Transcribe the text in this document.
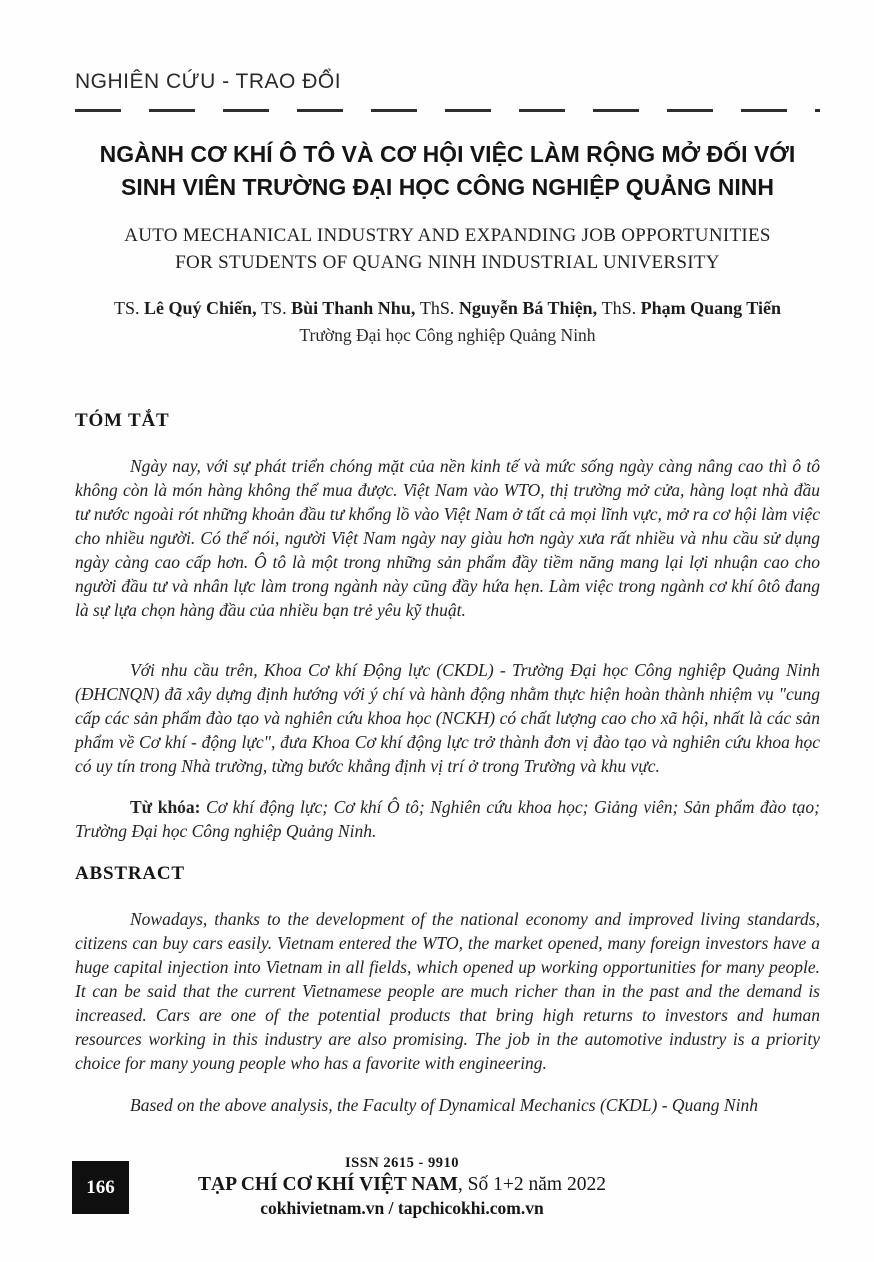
NGHIÊN CỨU - TRAO ĐỔI
NGÀNH CƠ KHÍ Ô TÔ VÀ CƠ HỘI VIỆC LÀM RỘNG MỞ ĐỐI VỚI
SINH VIÊN TRƯỜNG ĐẠI HỌC CÔNG NGHIỆP QUẢNG NINH
AUTO MECHANICAL INDUSTRY AND EXPANDING JOB OPPORTUNITIES
FOR STUDENTS OF QUANG NINH INDUSTRIAL UNIVERSITY
TS. Lê Quý Chiến, TS. Bùi Thanh Nhu, ThS. Nguyễn Bá Thiện, ThS. Phạm Quang Tiến
Trường Đại học Công nghiệp Quảng Ninh
TÓM TẮT

Ngày nay, với sự phát triển chóng mặt của nền kinh tế và mức sống ngày càng nâng cao thì ô tô không còn là món hàng không thể mua được. Việt Nam vào WTO, thị trường mở cửa, hàng loạt nhà đầu tư nước ngoài rót những khoản đầu tư khổng lồ vào Việt Nam ở tất cả mọi lĩnh vực, mở ra cơ hội làm việc cho nhiều người. Có thể nói, người Việt Nam ngày nay giàu hơn ngày xưa rất nhiều và nhu cầu sử dụng ngày càng cao cấp hơn. Ô tô là một trong những sản phẩm đầy tiềm năng mang lại lợi nhuận cao cho người đầu tư và nhân lực làm trong ngành này cũng đầy hứa hẹn. Làm việc trong ngành cơ khí ôtô đang là sự lựa chọn hàng đầu của nhiều bạn trẻ yêu kỹ thuật.

Với nhu cầu trên, Khoa Cơ khí Động lực (CKDL) - Trường Đại học Công nghiệp Quảng Ninh (ĐHCNQN) đã xây dựng định hướng với ý chí và hành động nhằm thực hiện hoàn thành nhiệm vụ "cung cấp các sản phẩm đào tạo và nghiên cứu khoa học (NCKH) có chất lượng cao cho xã hội, nhất là các sản phẩm về Cơ khí - động lực", đưa Khoa Cơ khí động lực trở thành đơn vị đào tạo và nghiên cứu khoa học có uy tín trong Nhà trường, từng bước khẳng định vị trí ở trong Trường và khu vực.

Từ khóa: Cơ khí động lực; Cơ khí Ô tô; Nghiên cứu khoa học; Giảng viên; Sản phẩm đào tạo; Trường Đại học Công nghiệp Quảng Ninh.

ABSTRACT

Nowadays, thanks to the development of the national economy and improved living standards, citizens can buy cars easily. Vietnam entered the WTO, the market opened, many foreign investors have a huge capital injection into Vietnam in all fields, which opened up working opportunities for many people. It can be said that the current Vietnamese people are much richer than in the past and the demand is increased. Cars are one of the potential products that bring high returns to investors and human resources working in this industry are also promising. The job in the automotive industry is a priority choice for many young people who has a favorite with engineering.

Based on the above analysis, the Faculty of Dynamical Mechanics (CKDL) - Quang Ninh

166
ISSN 2615 - 9910
TẠP CHÍ CƠ KHÍ VIỆT NAM, Số 1+2 năm 2022
cokhivietnam.vn / tapchicokhi.com.vn
